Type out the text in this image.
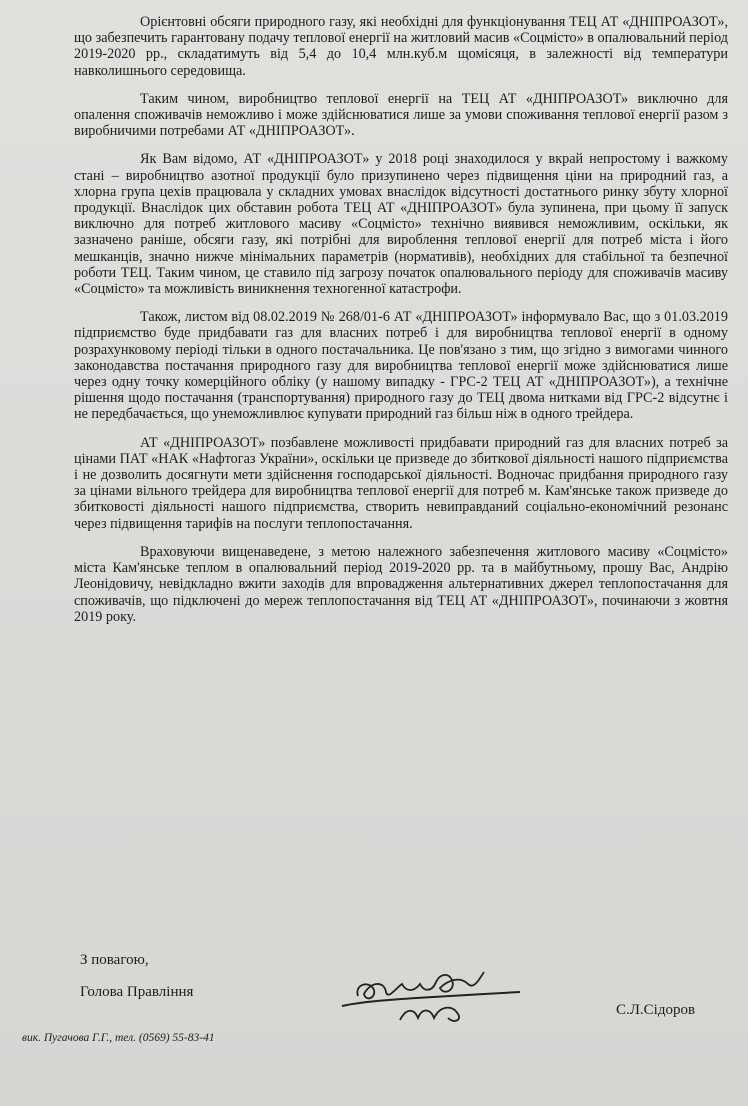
Орієнтовні обсяги природного газу, які необхідні для функціонування ТЕЦ АТ «ДНІПРОАЗОТ», що забезпечить гарантовану подачу теплової енергії на житловий масив «Соцмісто» в опалювальний період 2019-2020 рр., складатимуть від 5,4 до 10,4 млн.куб.м щомісяця, в залежності від температури навколишнього середовища.

Таким чином, виробництво теплової енергії на ТЕЦ АТ «ДНІПРОАЗОТ» виключно для опалення споживачів неможливо і може здійснюватися лише за умови споживання теплової енергії разом з виробничими потребами АТ «ДНІПРОАЗОТ».

Як Вам відомо, АТ «ДНІПРОАЗОТ» у 2018 році знаходилося у вкрай непростому і важкому стані – виробництво азотної продукції було призупинено через підвищення ціни на природний газ, а хлорна група цехів працювала у складних умовах внаслідок відсутності достатнього ринку збуту хлорної продукції. Внаслідок цих обставин робота ТЕЦ АТ «ДНІПРОАЗОТ» була зупинена, при цьому її запуск виключно для потреб житлового масиву «Соцмісто» технічно виявився неможливим, оскільки, як зазначено раніше, обсяги газу, які потрібні для вироблення теплової енергії для потреб міста і його мешканців, значно нижче мінімальних параметрів (нормативів), необхідних для стабільної та безпечної роботи ТЕЦ. Таким чином, це ставило під загрозу початок опалювального періоду для споживачів масиву «Соцмісто» та можливість виникнення техногенної катастрофи.

Також, листом від 08.02.2019 № 268/01-6 АТ «ДНІПРОАЗОТ» інформувало Вас, що з 01.03.2019 підприємство буде придбавати газ для власних потреб і для виробництва теплової енергії в одному розрахунковому періоді тільки в одного постачальника. Це пов'язано з тим, що згідно з вимогами чинного законодавства постачання природного газу для виробництва теплової енергії може здійснюватися лише через одну точку комерційного обліку (у нашому випадку - ГРС-2 ТЕЦ АТ «ДНІПРОАЗОТ»), а технічне рішення щодо постачання (транспортування) природного газу до ТЕЦ двома нитками від ГРС-2 відсутнє і не передбачається, що унеможливлює купувати природний газ більш ніж в одного трейдера.

АТ «ДНІПРОАЗОТ» позбавлене можливості придбавати природний газ для власних потреб за цінами ПАТ «НАК «Нафтогаз України», оскільки це призведе до збиткової діяльності нашого підприємства і не дозволить досягнути мети здійснення господарської діяльності. Водночас придбання природного газу за цінами вільного трейдера для виробництва теплової енергії для потреб м. Кам'янське також призведе до збитковості діяльності нашого підприємства, створить невиправданий соціально-економічний резонанс через підвищення тарифів на послуги теплопостачання.

Враховуючи вищенаведене, з метою належного забезпечення житлового масиву «Соцмісто» міста Кам'янське теплом в опалювальний період 2019-2020 рр. та в майбутньому, прошу Вас, Андрію Леонідовичу, невідкладно вжити заходів для впровадження альтернативних джерел теплопостачання для споживачів, що підключені до мереж теплопостачання від ТЕЦ АТ «ДНІПРОАЗОТ», починаючи з жовтня 2019 року.

З повагою,
Голова Правління
С.Л.Сідоров
вик. Пугачова Г.Г., тел. (0569) 55-83-41
